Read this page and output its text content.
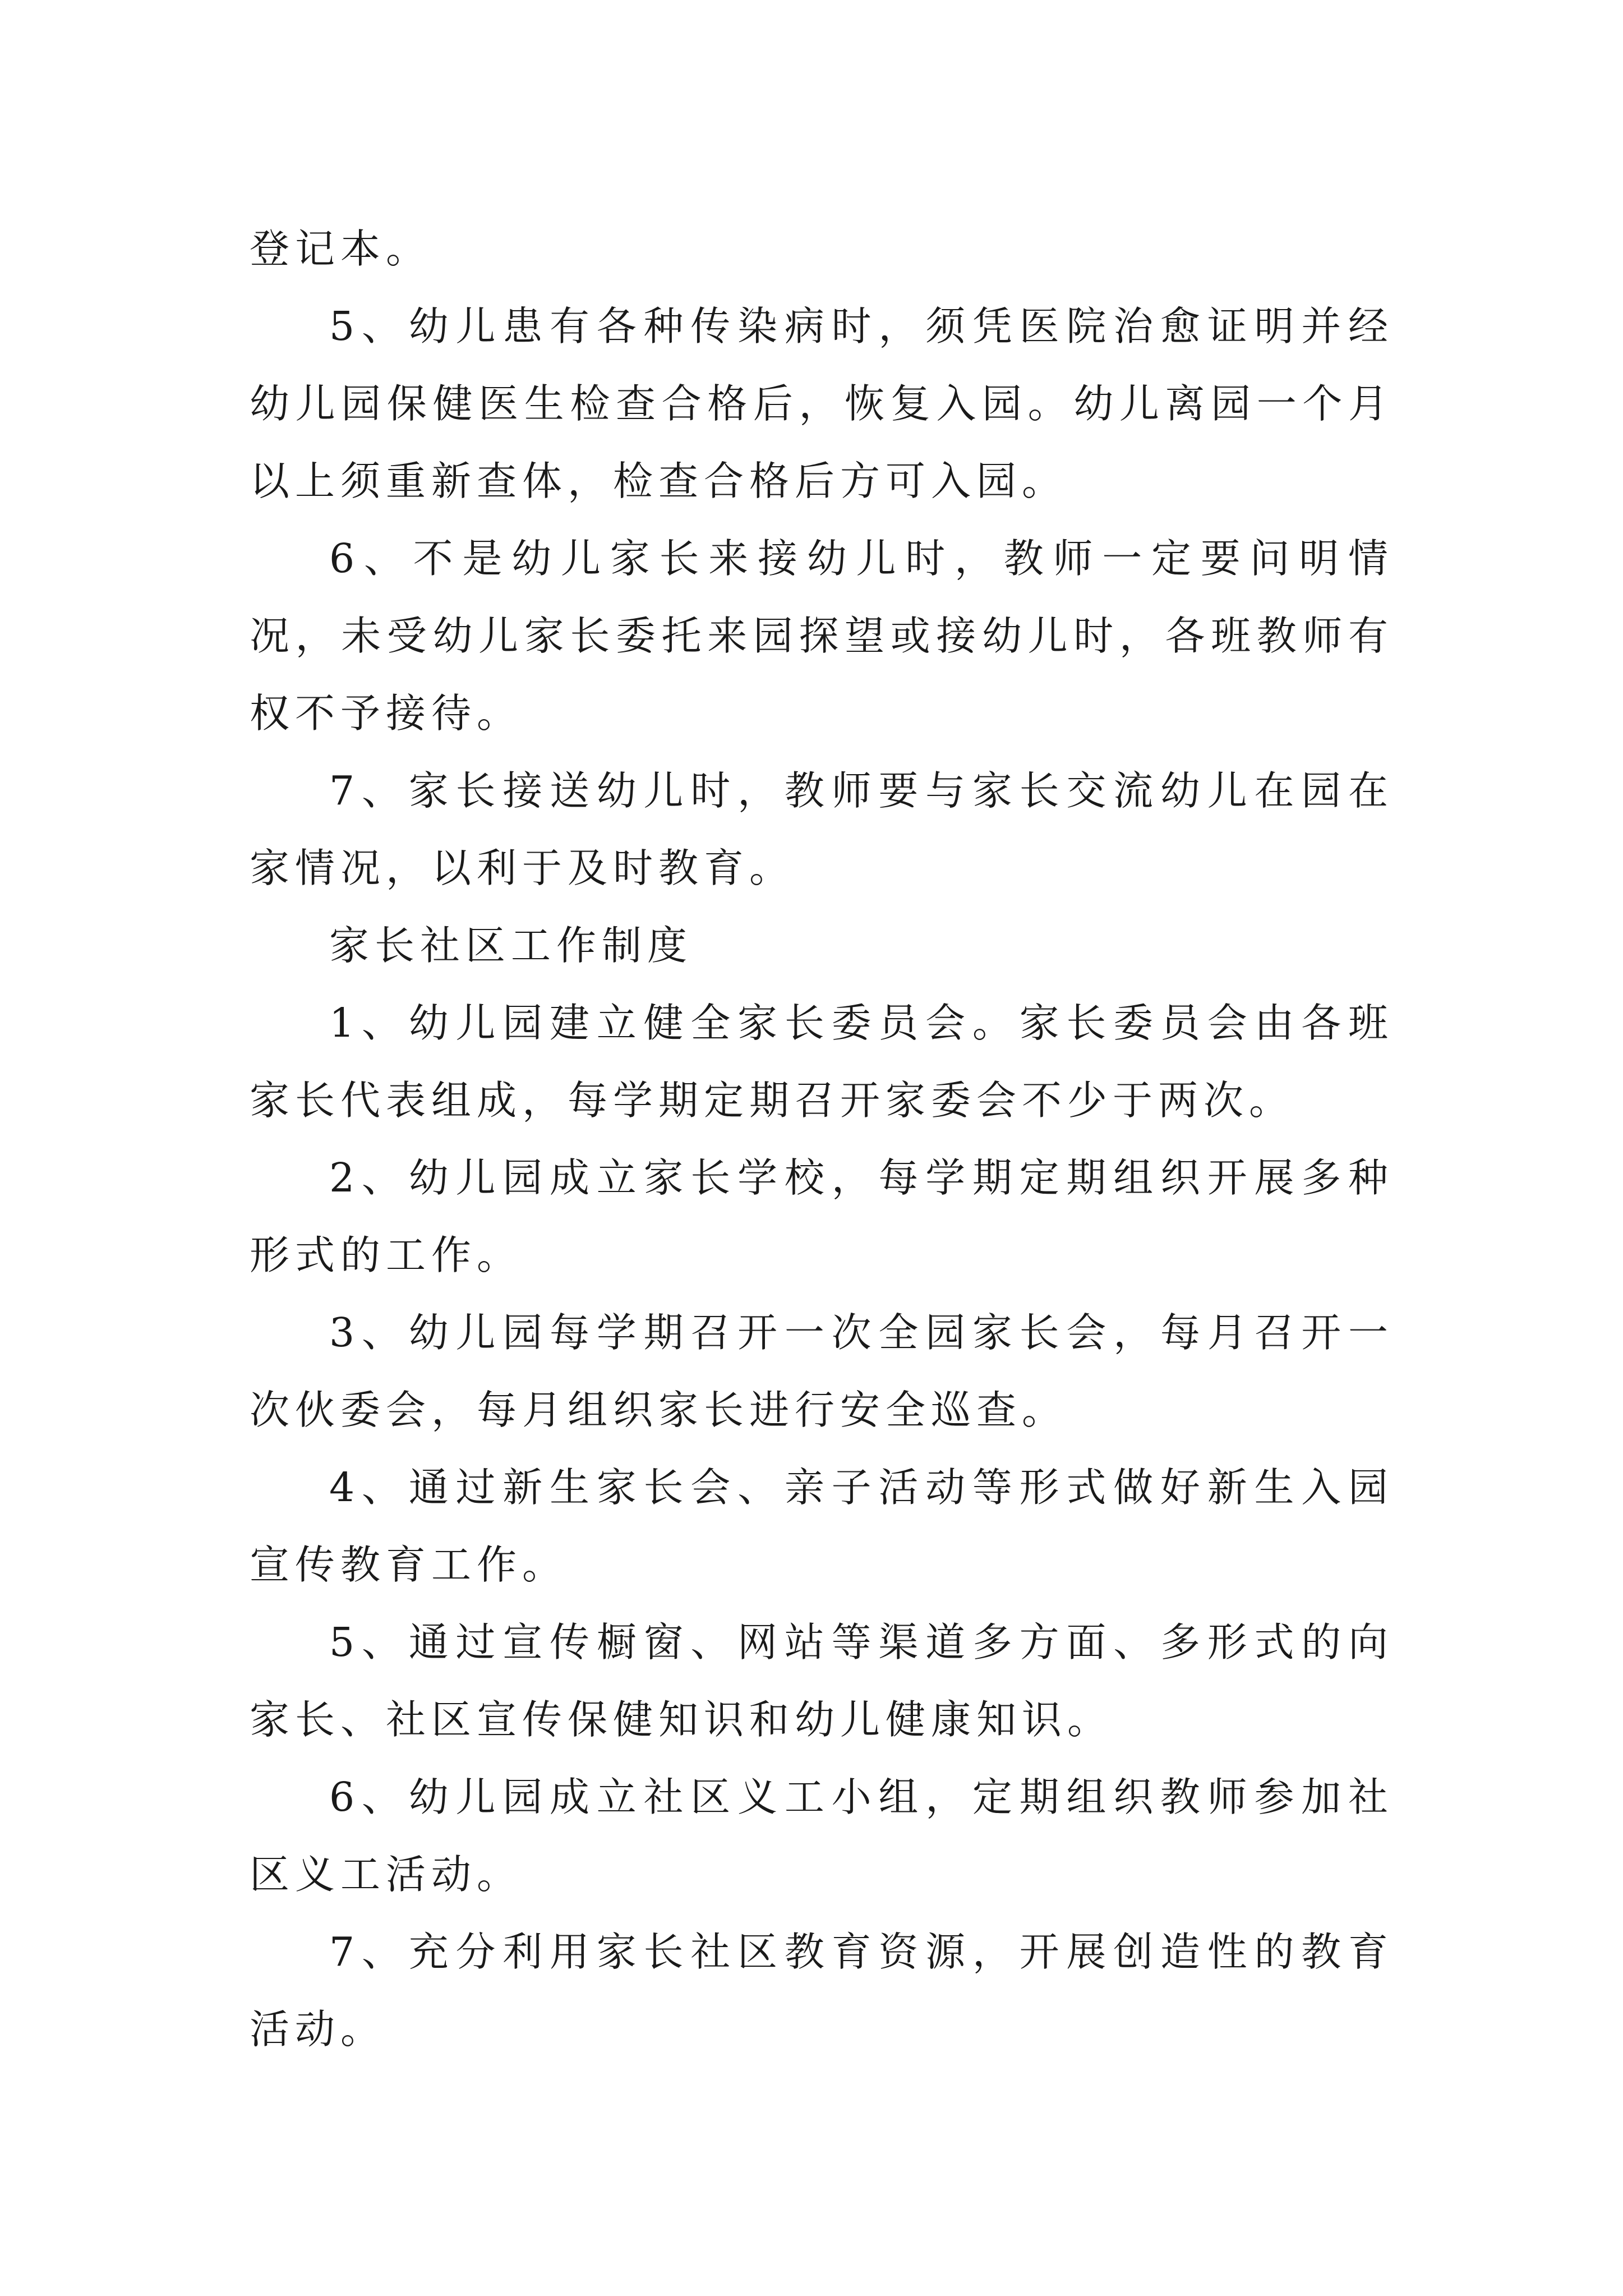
登记本。

5、幼儿患有各种传染病时，须凭医院治愈证明并经幼儿园保健医生检查合格后，恢复入园。幼儿离园一个月以上须重新查体，检查合格后方可入园。

6、不是幼儿家长来接幼儿时，教师一定要问明情况，未受幼儿家长委托来园探望或接幼儿时，各班教师有权不予接待。

7、家长接送幼儿时，教师要与家长交流幼儿在园在家情况，以利于及时教育。

家长社区工作制度

1、幼儿园建立健全家长委员会。家长委员会由各班家长代表组成，每学期定期召开家委会不少于两次。

2、幼儿园成立家长学校，每学期定期组织开展多种形式的工作。

3、幼儿园每学期召开一次全园家长会，每月召开一次伙委会，每月组织家长进行安全巡查。

4、通过新生家长会、亲子活动等形式做好新生入园宣传教育工作。

5、通过宣传橱窗、网站等渠道多方面、多形式的向家长、社区宣传保健知识和幼儿健康知识。

6、幼儿园成立社区义工小组，定期组织教师参加社区义工活动。

7、充分利用家长社区教育资源，开展创造性的教育活动。
